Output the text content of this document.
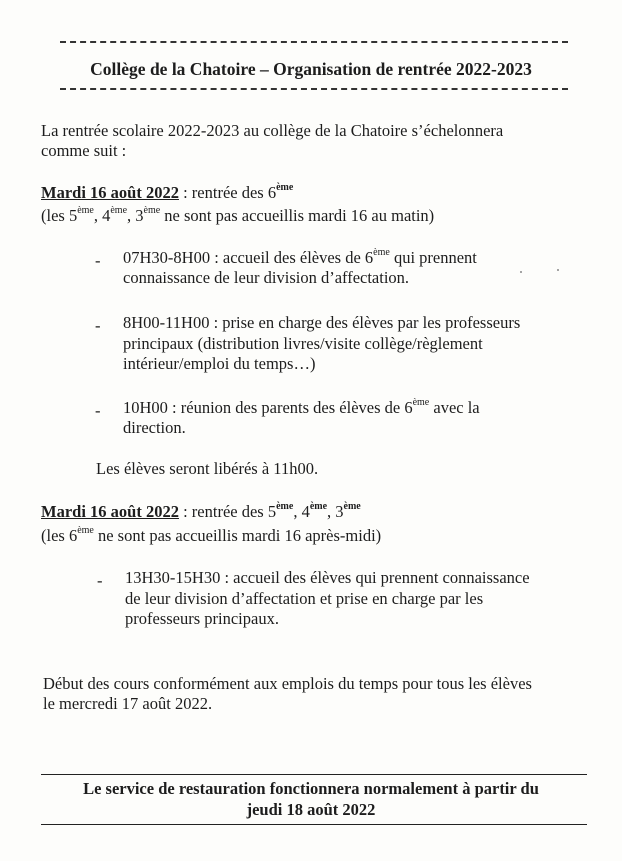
Collège de la Chatoire – Organisation de rentrée 2022-2023
La rentrée scolaire 2022-2023 au collège de la Chatoire s’échelonnera
comme suit :
Mardi 16 août 2022 : rentrée des 6ème
(les 5ème, 4ème, 3ème ne sont pas accueillis mardi 16 au matin)
- 07H30-8H00 : accueil des élèves de 6ème qui prennent
connaissance de leur division d’affectation.
- 8H00-11H00 : prise en charge des élèves par les professeurs
principaux (distribution livres/visite collège/règlement
intérieur/emploi du temps…)
- 10H00 : réunion des parents des élèves de 6ème avec la
direction.
Les élèves seront libérés à 11h00.
Mardi 16 août 2022 : rentrée des 5ème, 4ème, 3ème
(les 6ème ne sont pas accueillis mardi 16 après-midi)
- 13H30-15H30 : accueil des élèves qui prennent connaissance
de leur division d’affectation et prise en charge par les
professeurs principaux.
Début des cours conformément aux emplois du temps pour tous les élèves
le mercredi 17 août 2022.
Le service de restauration fonctionnera normalement à partir du
jeudi 18 août 2022
